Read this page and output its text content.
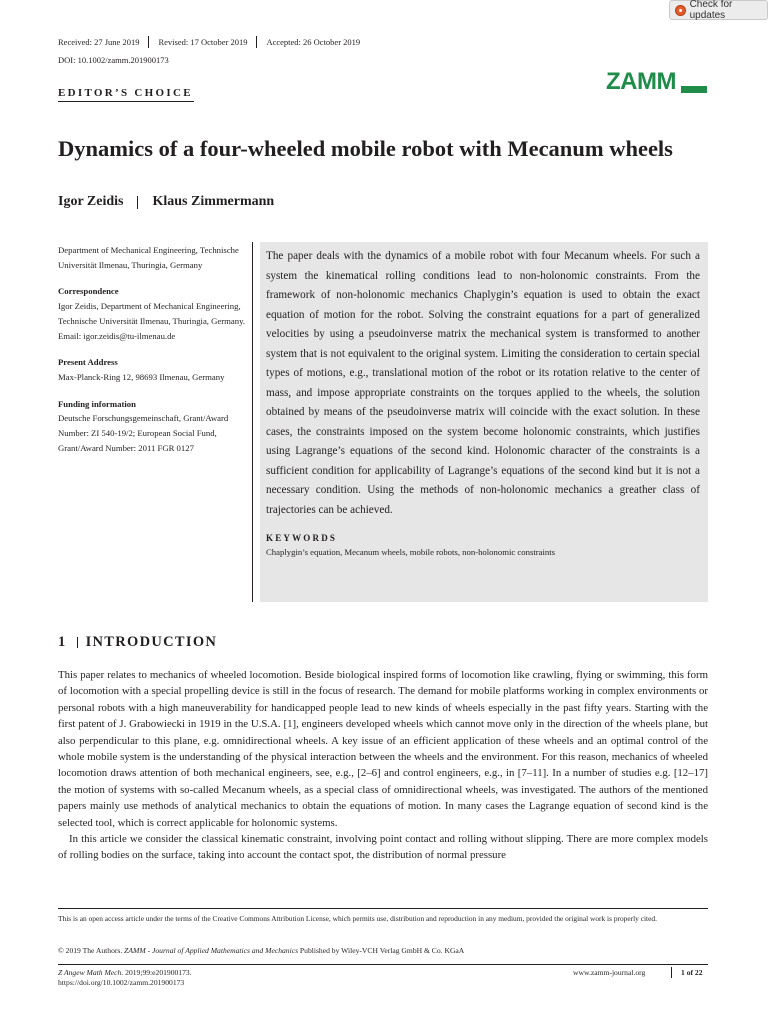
Check for updates
Received: 27 June 2019 Revised: 17 October 2019 Accepted: 26 October 2019
DOI: 10.1002/zamm.201900173
EDITOR’S CHOICE	ZAMM
Dynamics of a four-wheeled mobile robot with Mecanum wheels
Igor Zeidis Klaus Zimmermann
Department of Mechanical Engineering, Technische Universität Ilmenau, Thuringia, Germany
Correspondence
Igor Zeidis, Department of Mechanical Engineering, Technische Universität Ilmenau, Thuringia, Germany.
Email: igor.zeidis@tu-ilmenau.de
Present Address
Max-Planck-Ring 12, 98693 Ilmenau, Germany
Funding information
Deutsche Forschungsgemeinschaft, Grant/Award Number: ZI 540-19/2; European Social Fund, Grant/Award Number: 2011 FGR 0127
The paper deals with the dynamics of a mobile robot with four Mecanum wheels. For such a system the kinematical rolling conditions lead to non-holonomic constraints. From the framework of non-holonomic mechanics Chaplygin’s equation is used to obtain the exact equation of motion for the robot. Solving the constraint equations for a part of generalized velocities by using a pseudoinverse matrix the mechanical system is transformed to another system that is not equivalent to the original system. Limiting the consideration to certain special types of motions, e.g., translational motion of the robot or its rotation relative to the center of mass, and impose appropriate constraints on the torques applied to the wheels, the solution obtained by means of the pseudoinverse matrix will coincide with the exact solution. In these cases, the constraints imposed on the system become holonomic constraints, which justifies using Lagrange’s equations of the second kind. Holonomic character of the constraints is a sufficient condition for applicability of Lagrange’s equations of the second kind but it is not a necessary condition. Using the methods of non-holonomic mechanics a greather class of trajectories can be achieved.
KEYWORDS
Chaplygin’s equation, Mecanum wheels, mobile robots, non-holonomic constraints
1 INTRODUCTION

This paper relates to mechanics of wheeled locomotion. Beside biological inspired forms of locomotion like crawling, flying or swimming, this form of locomotion with a special propelling device is still in the focus of research. The demand for mobile platforms working in complex environments or personal robots with a high maneuverability for handicapped people lead to new kinds of wheels especially in the past fifty years. Starting with the first patent of J. Grabowiecki in 1919 in the U.S.A. [1], engineers developed wheels which cannot move only in the direction of the wheels plane, but also perpendicular to this plane, e.g. omnidirectional wheels. A key issue of an efficient application of these wheels and an optimal control of the whole mobile system is the understanding of the physical interaction between the wheels and the environment. For this reason, mechanics of wheeled locomotion draws attention of both mechanical engineers, see, e.g., [2–6] and control engineers, e.g., in [7–11]. In a number of studies e.g. [12–17] the motion of systems with so-called Mecanum wheels, as a special class of omnidirectional wheels, was investigated. The authors of the mentioned papers mainly use methods of analytical mechanics to obtain the equations of motion. In many cases the Lagrange equation of second kind is the selected tool, which is correct applicable for holonomic systems.

In this article we consider the classical kinematic constraint, involving point contact and rolling without slipping. There are more complex models of rolling bodies on the surface, taking into account the contact spot, the distribution of normal pressure

This is an open access article under the terms of the Creative Commons Attribution License, which permits use, distribution and reproduction in any medium, provided the original work is properly cited.
© 2019 The Authors. ZAMM - Journal of Applied Mathematics and Mechanics Published by Wiley-VCH Verlag GmbH & Co. KGaA
Z Angew Math Mech. 2019;99:e201900173.
https://doi.org/10.1002/zamm.201900173
www.zamm-journal.org	1 of 22
